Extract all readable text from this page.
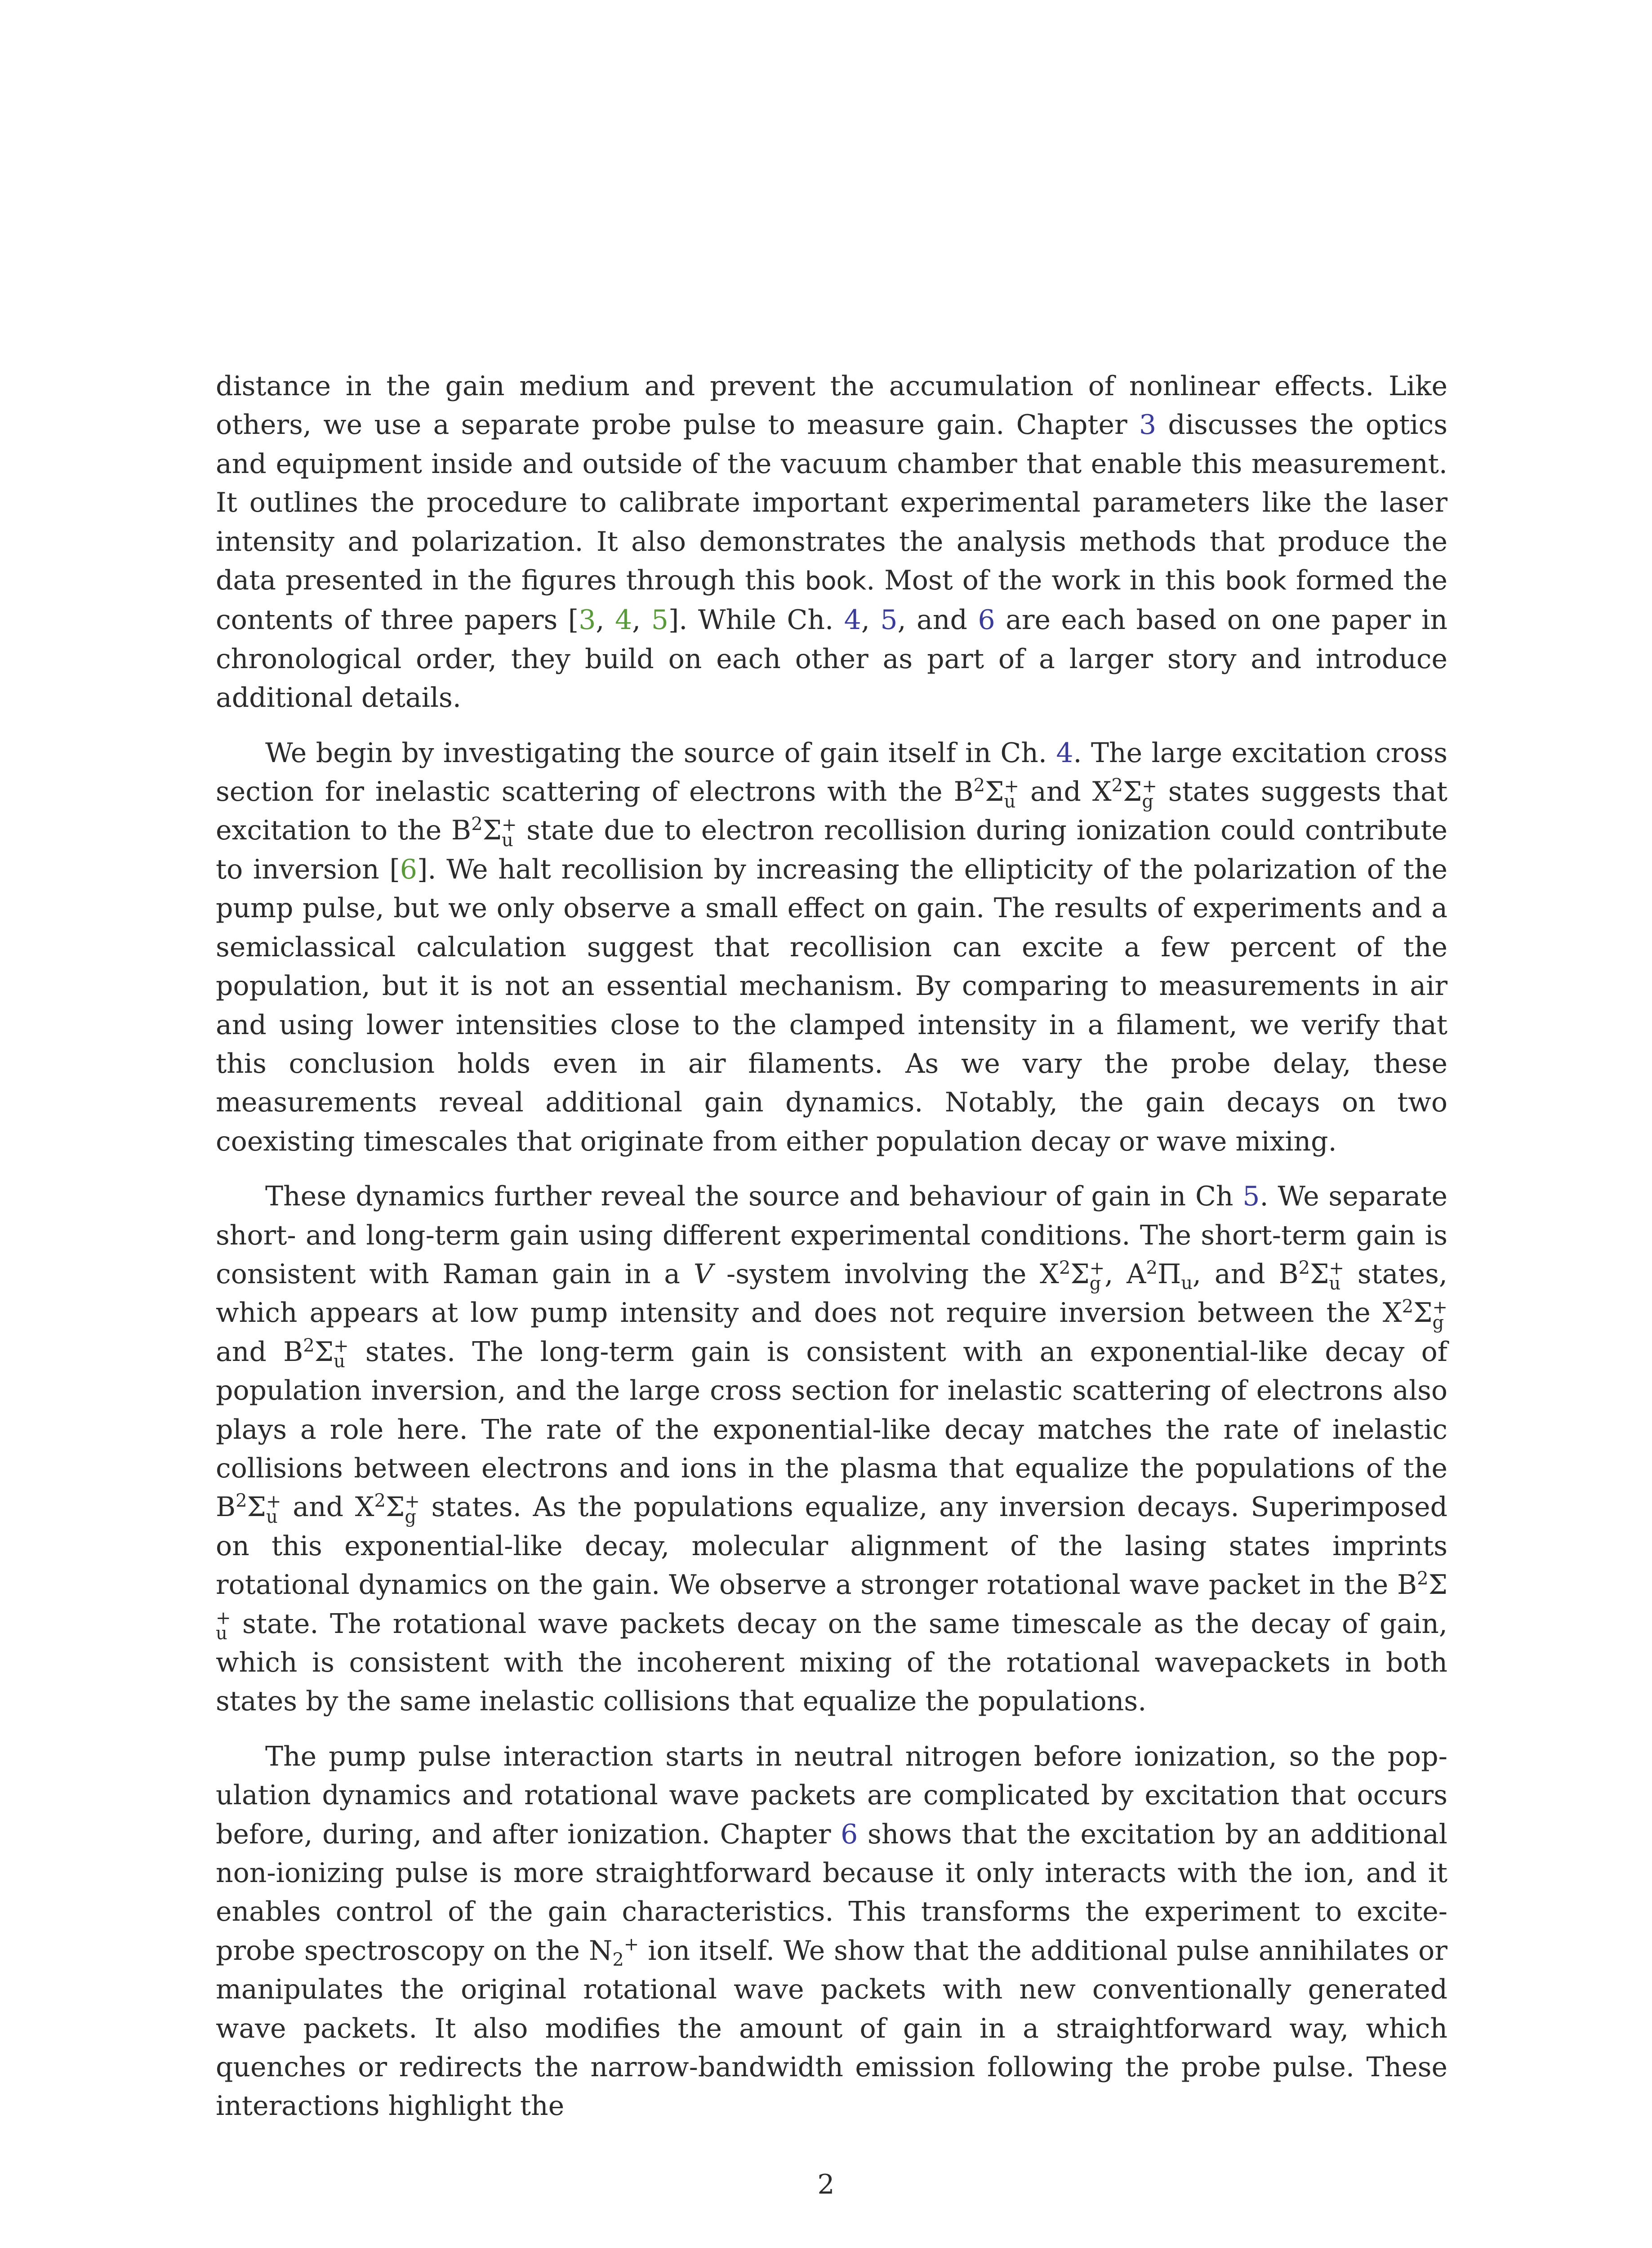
distance in the gain medium and prevent the accumulation of nonlinear effects. Like others, we use a separate probe pulse to measure gain. Chapter 3 discusses the optics and equipment inside and outside of the vacuum chamber that enable this measurement. It outlines the procedure to calibrate important experimental parameters like the laser intensity and polarization. It also demonstrates the analysis methods that produce the data presented in the figures through this book. Most of the work in this book formed the contents of three papers [3, 4, 5]. While Ch. 4, 5, and 6 are each based on one paper in chronological order, they build on each other as part of a larger story and introduce additional details.

We begin by investigating the source of gain itself in Ch. 4. The large excitation cross section for inelastic scattering of electrons with the $B^2\Sigma$ +
u and $X^2\Sigma$ +
g states suggests that excitation to the $B^2\Sigma$ +
u state due to electron recollision during ionization could contribute to inversion [6]. We halt recollision by increasing the ellipticity of the polarization of the pump pulse, but we only observe a small effect on gain. The results of experiments and a semiclassical calculation suggest that recollision can excite a few percent of the population, but it is not an essential mechanism. By comparing to measurements in air and using lower intensities close to the clamped intensity in a filament, we verify that this conclusion holds even in air filaments. As we vary the probe delay, these measurements reveal additional gain dynamics. Notably, the gain decays on two coexisting timescales that originate from either population decay or wave mixing.

These dynamics further reveal the source and behaviour of gain in Ch 5. We separate short- and long-term gain using different experimental conditions. The short-term gain is consistent with Raman gain in a V -system involving the $X^2\Sigma$ +
g , $A^2\Pi_u$, and $B^2\Sigma$ +
u states, which appears at low pump intensity and does not require inversion between the $X^2\Sigma$ +
g
and $B^2\Sigma$ +
u states. The long-term gain is consistent with an exponential-like decay of population inversion, and the large cross section for inelastic scattering of electrons also plays a role here. The rate of the exponential-like decay matches the rate of inelastic collisions between electrons and ions in the plasma that equalize the populations of the $B^2\Sigma$ +
u and $X^2\Sigma$ +
g states. As the populations equalize, any inversion decays. Superimposed on this exponential-like decay, molecular alignment of the lasing states imprints rotational dynamics on the gain. We observe a stronger rotational wave packet in the $B^2\Sigma$
+
u state. The rotational wave packets decay on the same timescale as the decay of gain, which is consistent with the incoherent mixing of the rotational wavepackets in both states by the same inelastic collisions that equalize the populations.

The pump pulse interaction starts in neutral nitrogen before ionization, so the population dynamics and rotational wave packets are complicated by excitation that occurs before, during, and after ionization. Chapter 6 shows that the excitation by an additional non-ionizing pulse is more straightforward because it only interacts with the ion, and it enables control of the gain characteristics. This transforms the experiment to excite-probe spectroscopy on the $N_2^+$ ion itself. We show that the additional pulse annihilates or manipulates the original rotational wave packets with new conventionally generated wave packets. It also modifies the amount of gain in a straightforward way, which quenches or redirects the narrow-bandwidth emission following the probe pulse. These interactions highlight the

2
